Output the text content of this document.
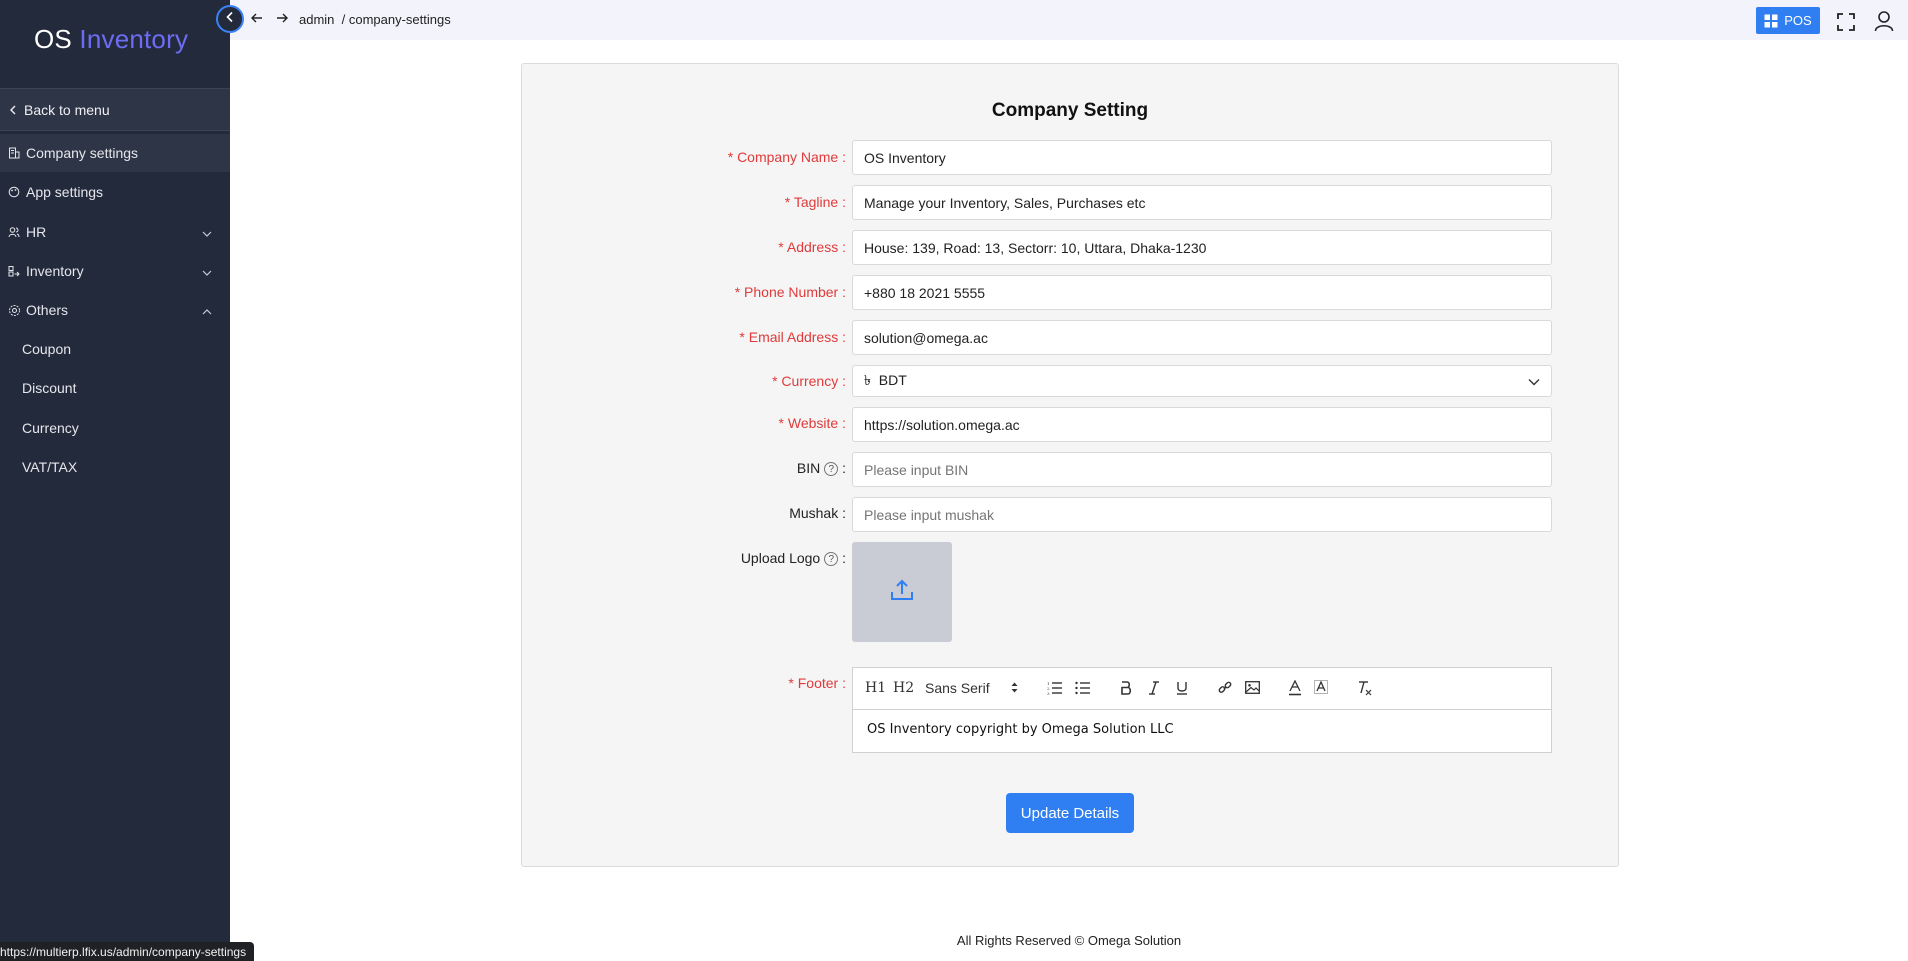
OS Inventory
Back to menu
Company settings
App settings
HR
Inventory
Others
Coupon
Discount
Currency
VAT/TAX
admin  / company-settings	POS
Company Setting
* Company Name :
OS Inventory
* Tagline :
Manage your Inventory, Sales, Purchases etc
* Address :
House: 139, Road: 13, Sectorr: 10, Uttara, Dhaka-1230
* Phone Number :
+880 18 2021 5555
* Email Address :
solution@omega.ac
* Currency : ৳ BDT
* Website :
https://solution.omega.ac
BIN ? :
Please input BIN
Mushak :
Please input mushak
Upload Logo ? :
* Footer : H1 H2 Sans Serif	1
2
3
OS Inventory copyright by Omega Solution LLC
Update Details
All Rights Reserved © Omega Solution
https://multierp.lfix.us/admin/company-settings
